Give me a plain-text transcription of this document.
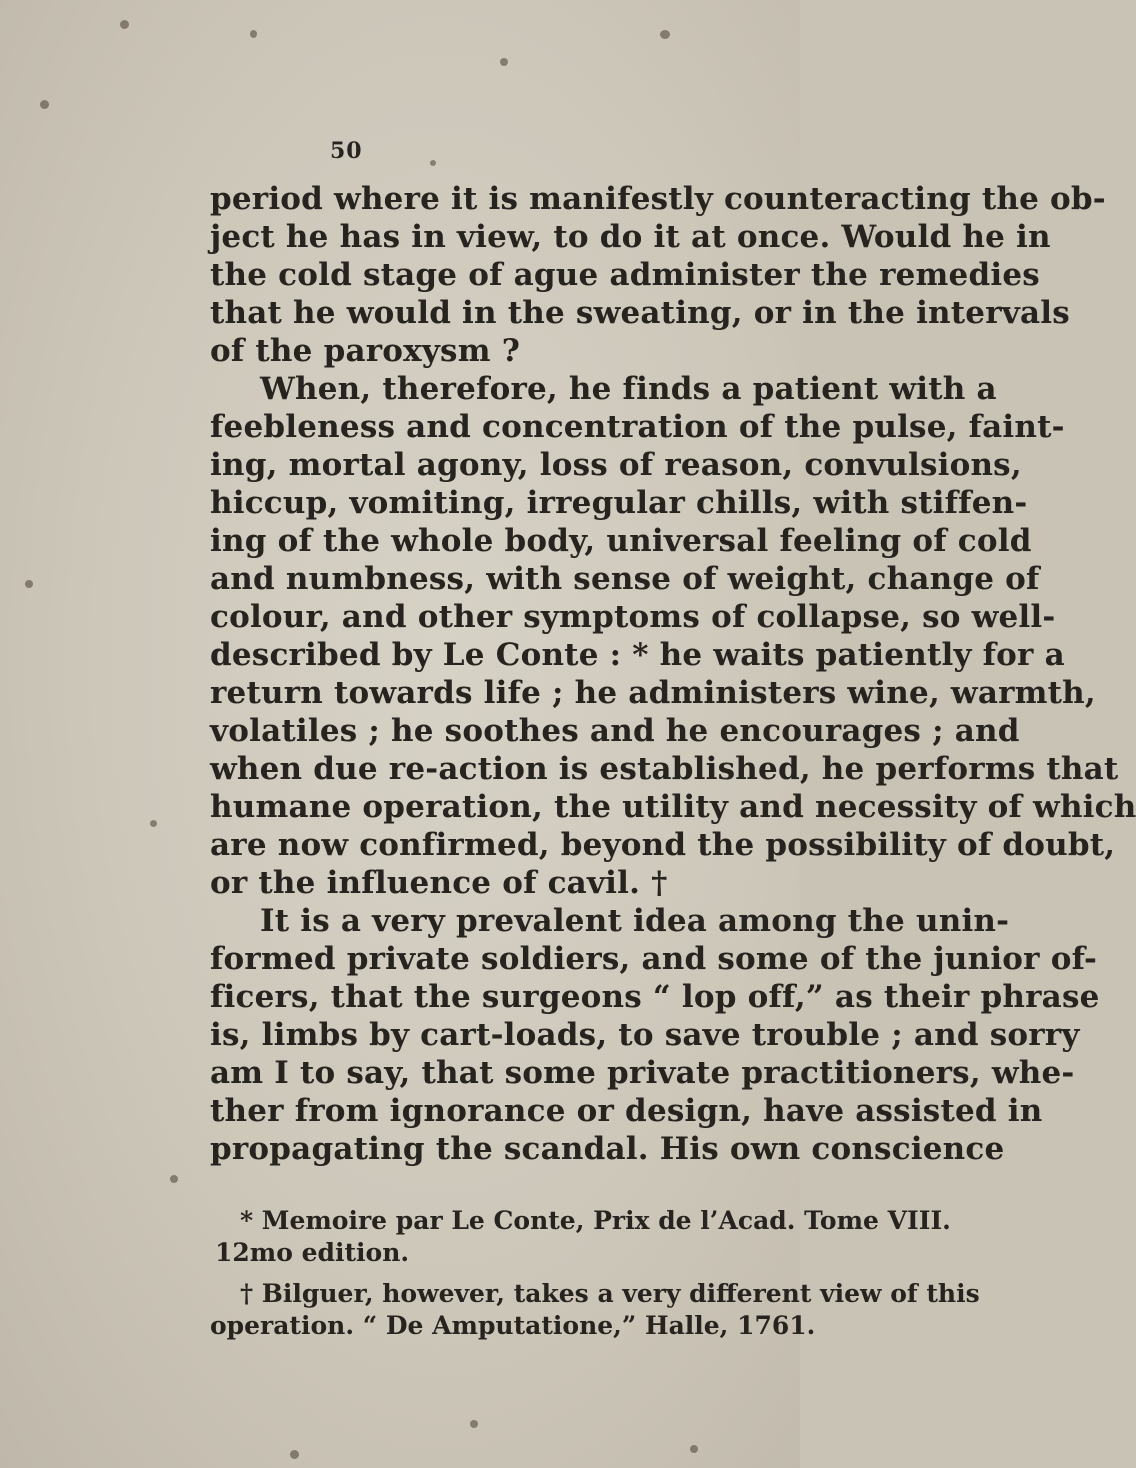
50
period where it is manifestly counteracting the ob-
ject he has in view, to do it at once. Would he in
the cold stage of ague administer the remedies
that he would in the sweating, or in the intervals
of the paroxysm ?
When, therefore, he finds a patient with a
feebleness and concentration of the pulse, faint-
ing, mortal agony, loss of reason, convulsions,
hiccup, vomiting, irregular chills, with stiffen-
ing of the whole body, universal feeling of cold
and numbness, with sense of weight, change of
colour, and other symptoms of collapse, so well-
described by Le Conte : * he waits patiently for a
return towards life ; he administers wine, warmth,
volatiles ; he soothes and he encourages ; and
when due re-action is established, he performs that
humane operation, the utility and necessity of which
are now confirmed, beyond the possibility of doubt,
or the influence of cavil. †
It is a very prevalent idea among the unin-
formed private soldiers, and some of the junior of-
ficers, that the surgeons “ lop off,” as their phrase
is, limbs by cart-loads, to save trouble ; and sorry
am I to say, that some private practitioners, whe-
ther from ignorance or design, have assisted in
propagating the scandal. His own conscience
* Memoire par Le Conte, Prix de l’Acad. Tome VIII.
12mo edition.
† Bilguer, however, takes a very different view of this
operation. “ De Amputatione,” Halle, 1761.
